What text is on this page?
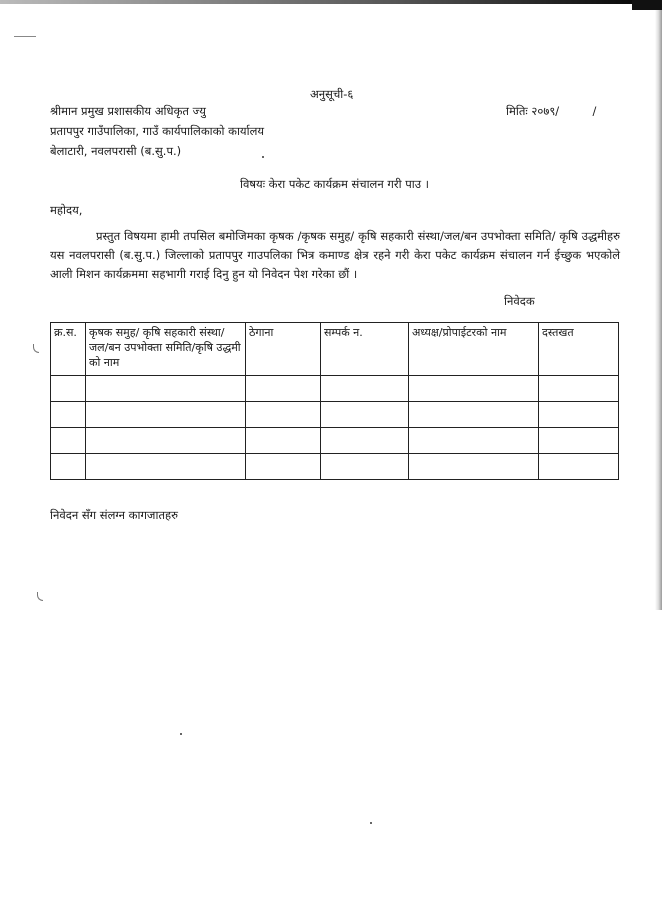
अनुसूची-६
श्रीमान प्रमुख प्रशासकीय अधिकृत ज्यु
प्रतापपुर गाउँपालिका, गाउँ कार्यपालिकाको कार्यालय
बेलाटारी, नवलपरासी (ब.सु.प.)
मितिः २०७९/	/
विषयः केरा पकेट कार्यक्रम संचालन गरी पाउ ।
महोदय,
प्रस्तुत विषयमा हामी तपसिल बमोजिमका कृषक /कृषक समुह/ कृषि सहकारी संस्था/जल/बन उपभोक्ता समिति/ कृषि उद्धमीहरु यस नवलपरासी (ब.सु.प.) जिल्लाको प्रतापपुर गाउपलिका भित्र कमाण्ड क्षेत्र रहने गरी केरा पकेट कार्यक्रम संचालन गर्न ईच्छुक भएकोले आली मिशन कार्यक्रममा सहभागी गराई दिनु हुन यो निवेदन पेश गरेका छौं ।
निवेदक
क्र.स.	कृषक समुह/ कृषि सहकारी संस्था/ जल/बन उपभोक्ता समिति/कृषि उद्धमी को नाम	ठेगाना	सम्पर्क न.	अध्यक्ष/प्रोपाईटरको नाम	दस्तखत

निवेदन सँग संलग्न कागजातहरु
